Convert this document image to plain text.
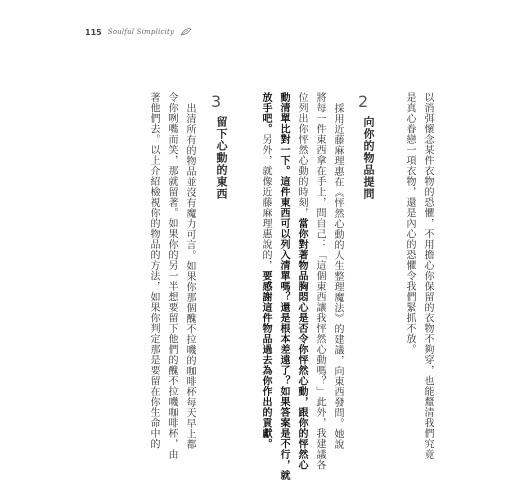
115 Soulful Simplicity
以消弭懷念某件衣物的恐懼，不用擔心你保留的衣物不夠穿，也能釐清我們究竟
是真心眷戀一項衣物，還是內心的恐懼令我們緊抓不放。
2
向你的物品提問
採用近藤麻理惠在《怦然心動的人生整理魔法》的建議，向東西發問。她說
將每一件東西拿在手上，問自己：「這個東西讓我怦然心動嗎？」此外，我建議各
位列出你怦然心動的時刻，當你對著物品胸悶心是否令你怦然心動，跟你的怦然心
動清單比對一下。這件東西可以列入清單嗎？還是根本差遠了？如果答案是不行，就
放手吧。另外，就像近藤麻理惠說的，要感謝這件物品過去為你作出的貢獻。
3
留下心動的東西
出清所有的物品並沒有魔力可言。如果你那個醜不拉嘰的咖啡杯每天早上都
令你咧嘴而笑，那就留著。如果你的另一半想要留下他們的醜不拉嘰咖啡杯，由
著他們去。以上介紹檢視你的物品的方法，如果你判定那是要留在你生命中的
